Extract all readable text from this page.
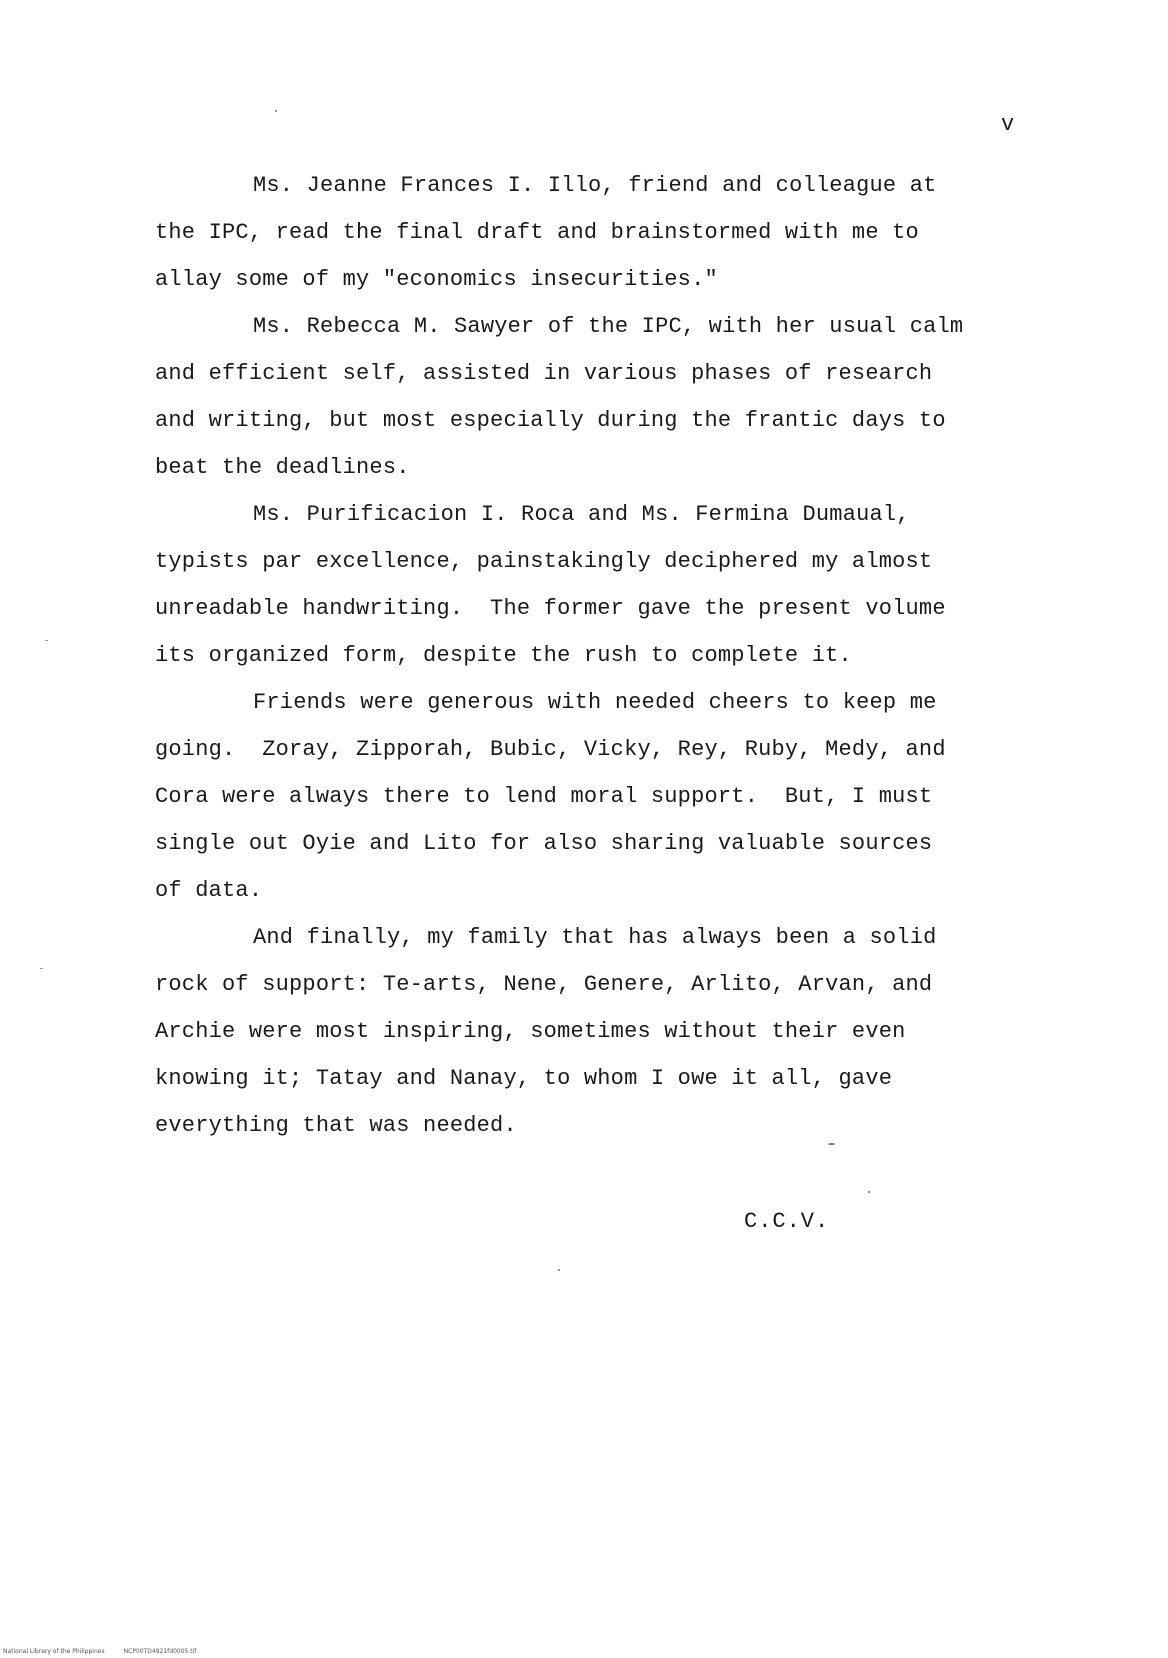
v
Ms. Jeanne Frances I. Illo, friend and colleague at
the IPC, read the final draft and brainstormed with me to
allay some of my "economics insecurities."
Ms. Rebecca M. Sawyer of the IPC, with her usual calm
and efficient self, assisted in various phases of research
and writing, but most especially during the frantic days to
beat the deadlines.
Ms. Purificacion I. Roca and Ms. Fermina Dumaual,
typists par excellence, painstakingly deciphered my almost
unreadable handwriting.  The former gave the present volume
its organized form, despite the rush to complete it.
Friends were generous with needed cheers to keep me
going.  Zoray, Zipporah, Bubic, Vicky, Rey, Ruby, Medy, and
Cora were always there to lend moral support.  But, I must
single out Oyie and Lito for also sharing valuable sources
of data.
And finally, my family that has always been a solid
rock of support: Te-arts, Nene, Genere, Arlito, Arvan, and
Archie were most inspiring, sometimes without their even
knowing it; Tatay and Nanay, to whom I owe it all, gave
everything that was needed.
C.C.V.
National Library of the Philippines	NCP00TD4921fd0005.tif
